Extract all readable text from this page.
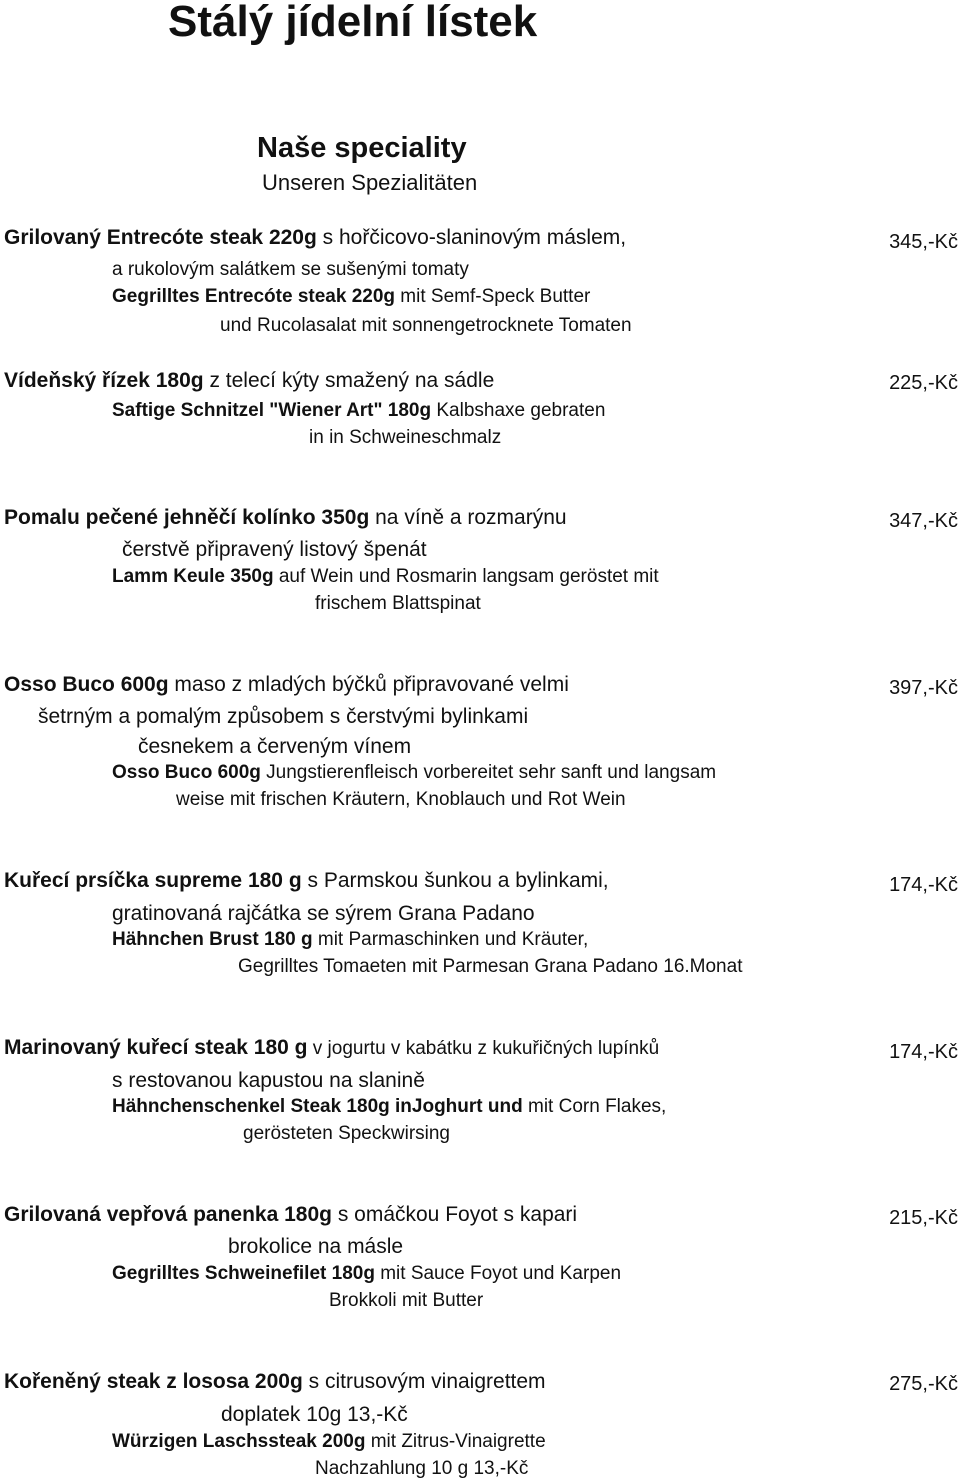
Stálý jídelní lístek
Naše speciality
Unseren Spezialitäten
Grilovaný Entrecóte steak 220g s hořčicovo-slaninovým máslem,
a rukolovým salátkem se sušenými tomaty
Gegrilltes Entrecóte steak 220g mit Semf-Speck Butter
und Rucolasalat mit sonnengetrocknete Tomaten
345,-Kč
Vídeňský řízek 180g z telecí kýty smažený na sádle
Saftige Schnitzel "Wiener Art" 180g Kalbshaxe gebraten
in in Schweineschmalz
225,-Kč
Pomalu pečené jehněčí kolínko 350g na víně a rozmarýnu
čerstvě připravený listový špenát
Lamm Keule 350g auf Wein und Rosmarin langsam geröstet mit
frischem Blattspinat
347,-Kč
Osso Buco 600g maso z mladých býčků připravované velmi
šetrným a pomalým způsobem s čerstvými bylinkami
česnekem a červeným vínem
Osso Buco 600g Jungstierenfleisch vorbereitet sehr sanft und langsam
weise mit frischen Kräutern, Knoblauch und Rot Wein
397,-Kč
Kuřecí prsíčka supreme 180 g s Parmskou šunkou a bylinkami,
gratinovaná rajčátka se sýrem Grana Padano
Hähnchen Brust 180 g mit Parmaschinken und Kräuter,
Gegrilltes Tomaeten mit Parmesan Grana Padano 16.Monat
174,-Kč
Marinovaný kuřecí steak 180 g v jogurtu v kabátku z kukuřičných lupínků
s restovanou kapustou na slanině
Hähnchenschenkel Steak 180g inJoghurt und mit Corn Flakes,
gerösteten Speckwirsing
174,-Kč
Grilovaná vepřová panenka 180g s omáčkou Foyot s kapari
brokolice na másle
Gegrilltes Schweinefilet 180g mit Sauce Foyot und Karpen
Brokkoli mit Butter
215,-Kč
Kořeněný steak z lososa 200g s citrusovým vinaigrettem
doplatek 10g 13,-Kč
Würzigen Laschssteak 200g mit Zitrus-Vinaigrette
Nachzahlung 10 g 13,-Kč
275,-Kč
